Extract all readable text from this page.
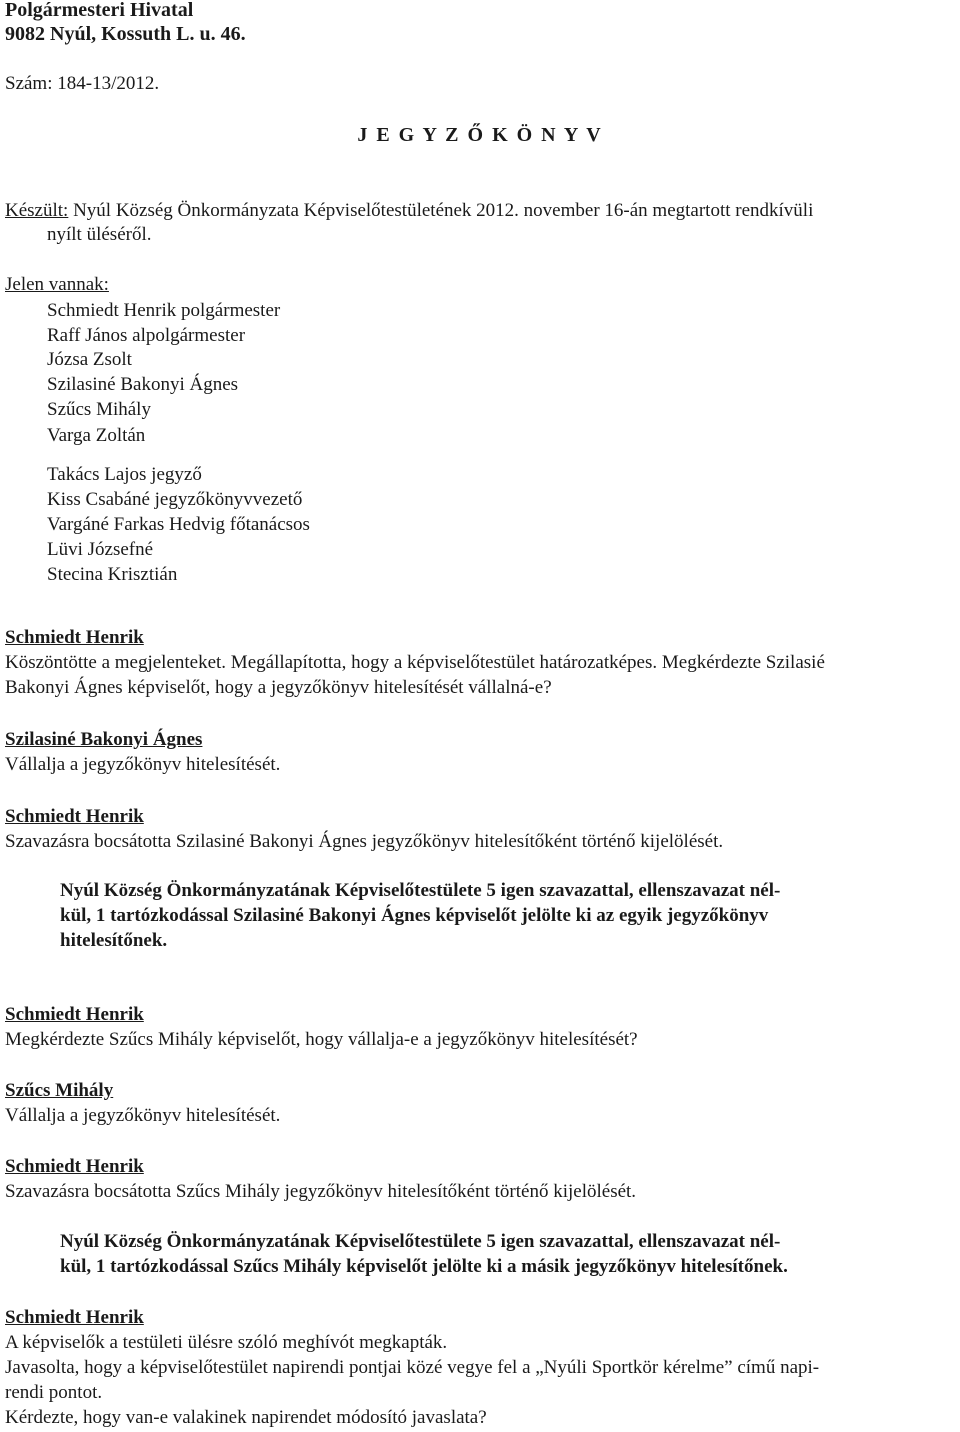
Polgármesteri Hivatal
9082 Nyúl, Kossuth L. u. 46.
Szám: 184-13/2012.
J E G Y Z Ő K Ö N Y V
Készült: Nyúl Község Önkormányzata Képviselőtestületének 2012. november 16-án megtartott rendkívüli
nyílt üléséről.
Jelen vannak:
Schmiedt Henrik polgármester
Raff János alpolgármester
Józsa Zsolt
Szilasiné Bakonyi Ágnes
Szűcs Mihály
Varga Zoltán
Takács Lajos jegyző
Kiss Csabáné jegyzőkönyvvezető
Vargáné Farkas Hedvig főtanácsos
Lüvi Józsefné
Stecina Krisztián
Schmiedt Henrik
Köszöntötte a megjelenteket. Megállapította, hogy a képviselőtestület határozatképes. Megkérdezte Szilasié
Bakonyi Ágnes képviselőt, hogy a jegyzőkönyv hitelesítését vállalná-e?
Szilasiné Bakonyi Ágnes
Vállalja a jegyzőkönyv hitelesítését.
Schmiedt Henrik
Szavazásra bocsátotta Szilasiné Bakonyi Ágnes jegyzőkönyv hitelesítőként történő kijelölését.
Nyúl Község Önkormányzatának Képviselőtestülete 5 igen szavazattal, ellenszavazat nél-
kül, 1 tartózkodással Szilasiné Bakonyi Ágnes képviselőt jelölte ki az egyik jegyzőkönyv
hitelesítőnek.
Schmiedt Henrik
Megkérdezte Szűcs Mihály képviselőt, hogy vállalja-e a jegyzőkönyv hitelesítését?
Szűcs Mihály
Vállalja a jegyzőkönyv hitelesítését.
Schmiedt Henrik
Szavazásra bocsátotta Szűcs Mihály jegyzőkönyv hitelesítőként történő kijelölését.
Nyúl Község Önkormányzatának Képviselőtestülete 5 igen szavazattal, ellenszavazat nél-
kül, 1 tartózkodással Szűcs Mihály képviselőt jelölte ki a másik jegyzőkönyv hitelesítőnek.
Schmiedt Henrik
A képviselők a testületi ülésre szóló meghívót megkapták.
Javasolta, hogy a képviselőtestület napirendi pontjai közé vegye fel a „Nyúli Sportkör kérelme” című napi-
rendi pontot.
Kérdezte, hogy van-e valakinek napirendet módosító javaslata?
